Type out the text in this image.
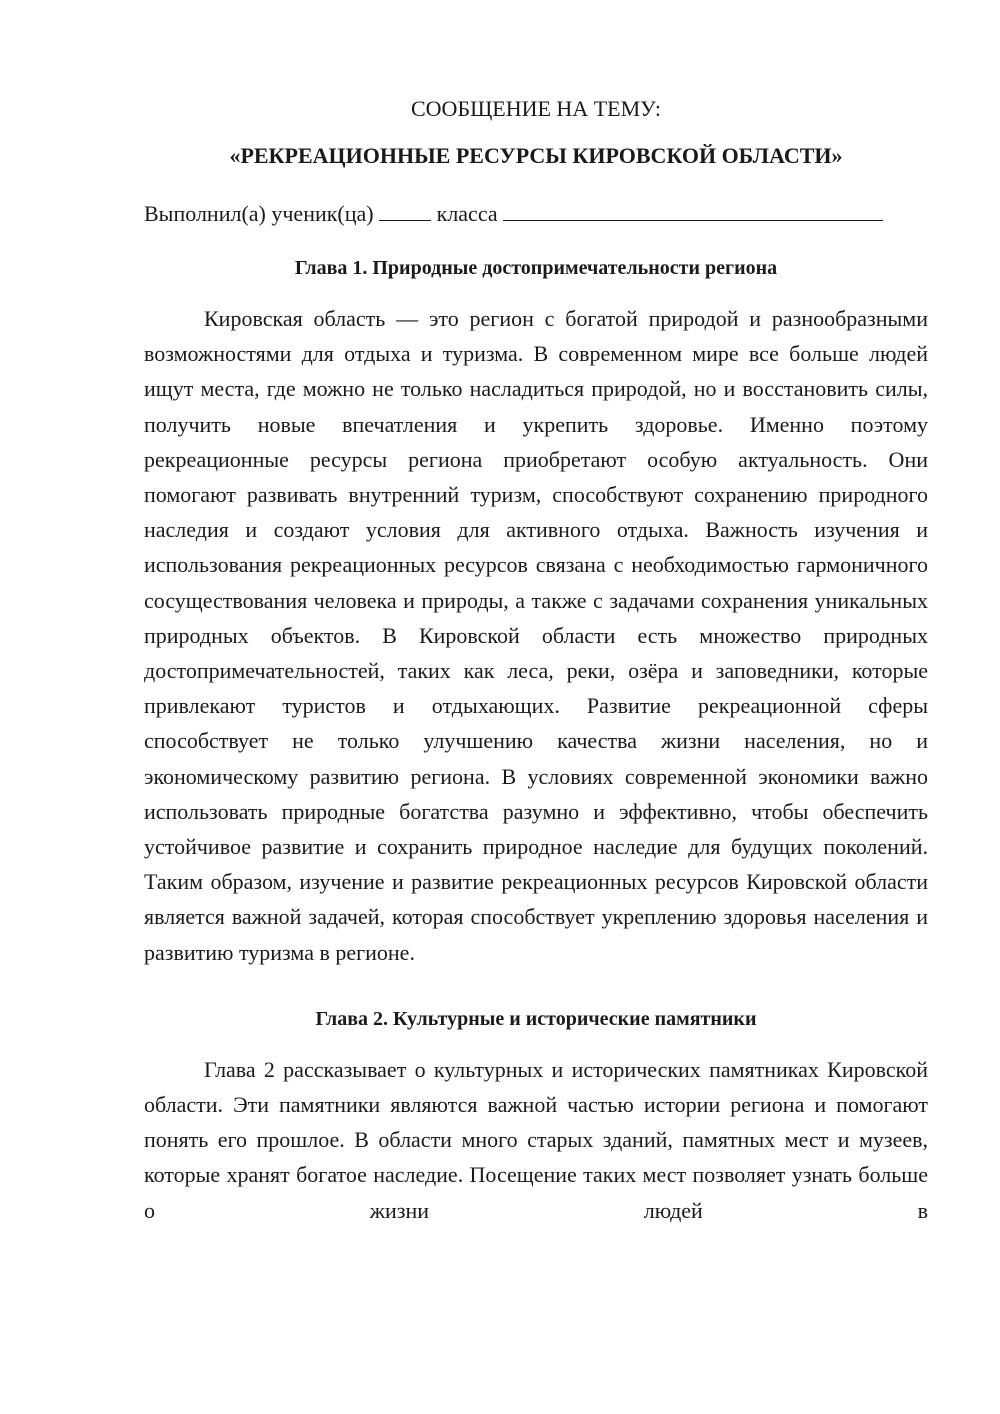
СООБЩЕНИЕ НА ТЕМУ:

«РЕКРЕАЦИОННЫЕ РЕСУРСЫ КИРОВСКОЙ ОБЛАСТИ»

Выполнил(а) ученик(ца)	класса
Глава 1. Природные достопримечательности региона

Кировская область — это регион с богатой природой и разнообразными возможностями для отдыха и туризма. В современном мире все больше людей ищут места, где можно не только насладиться природой, но и восстановить силы, получить новые впечатления и укрепить здоровье. Именно поэтому рекреационные ресурсы региона приобретают особую актуальность. Они помогают развивать внутренний туризм, способствуют сохранению природного наследия и создают условия для активного отдыха. Важность изучения и использования рекреационных ресурсов связана с необходимостью гармоничного сосуществования человека и природы, а также с задачами сохранения уникальных природных объектов. В Кировской области есть множество природных достопримечательностей, таких как леса, реки, озёра и заповедники, которые привлекают туристов и отдыхающих. Развитие рекреационной сферы способствует не только улучшению качества жизни населения, но и экономическому развитию региона. В условиях современной экономики важно использовать природные богатства разумно и эффективно, чтобы обеспечить устойчивое развитие и сохранить природное наследие для будущих поколений. Таким образом, изучение и развитие рекреационных ресурсов Кировской области является важной задачей, которая способствует укреплению здоровья населения и развитию туризма в регионе.

Глава 2. Культурные и исторические памятники

Глава 2 рассказывает о культурных и исторических памятниках Кировской области. Эти памятники являются важной частью истории региона и помогают понять его прошлое. В области много старых зданий, памятных мест и музеев, которые хранят богатое наследие. Посещение таких мест позволяет узнать больше о жизни людей в
